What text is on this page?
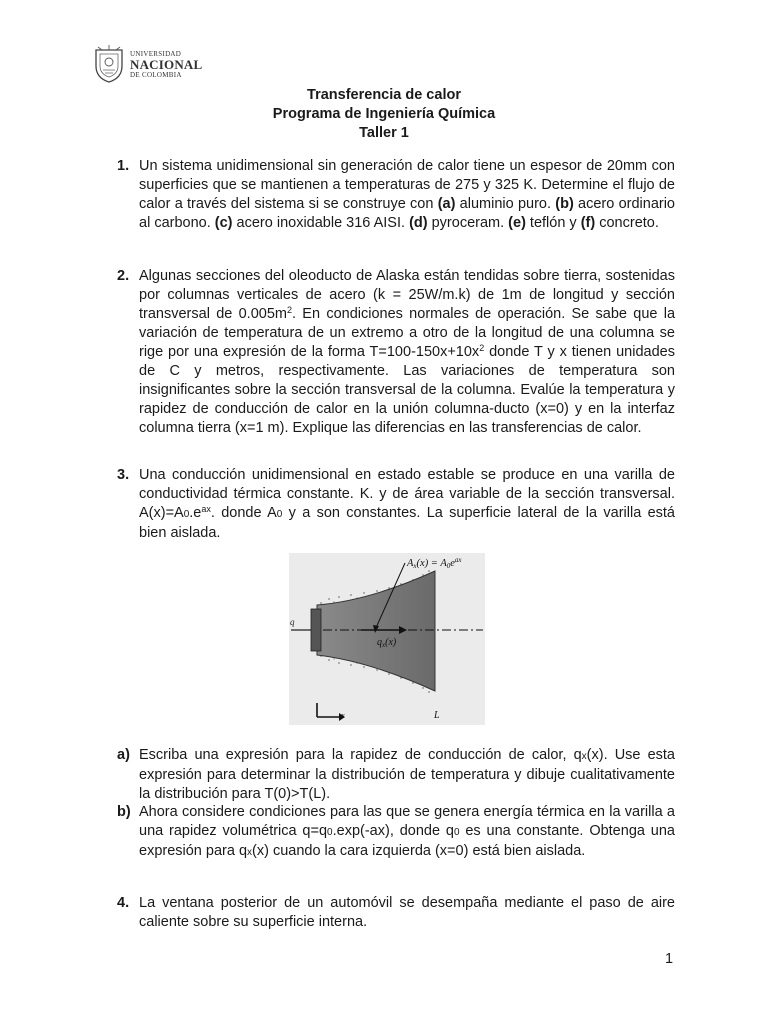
UNIVERSIDAD
NACIONAL
DE COLOMBIA
Transferencia de calor
Programa de Ingeniería Química
Taller 1
1. Un sistema unidimensional sin generación de calor tiene un espesor de 20mm con superficies que se mantienen a temperaturas de 275 y 325 K. Determine el flujo de calor a través del sistema si se construye con (a) aluminio puro. (b) acero ordinario al carbono. (c) acero inoxidable 316 AISI. (d) pyroceram. (e) teflón y (f) concreto.
2. Algunas secciones del oleoducto de Alaska están tendidas sobre tierra, sostenidas por columnas verticales de acero (k = 25W/m.k) de 1m de longitud y sección transversal de $0.005m^2$. En condiciones normales de operación. Se sabe que la variación de temperatura de un extremo a otro de la longitud de una columna se rige por una expresión de la forma $T=100-150x+10x^2$ donde T y x tienen unidades de C y metros, respectivamente. Las variaciones de temperatura son insignificantes sobre la sección transversal de la columna. Evalúe la temperatura y rapidez de conducción de calor en la unión columna-ducto (x=0) y en la interfaz columna tierra (x=1 m). Explique las diferencias en las transferencias de calor.
3. Una conducción unidimensional en estado estable se produce en una varilla de conductividad térmica constante. K. y de área variable de la sección transversal. $A(x)=A0.e^{ax}$. donde A0 y a son constantes. La superficie lateral de la varilla está bien aislada.
q
$q_x(x)$
$Ax(x) = A0e^{ax}$
x	L
a) Escriba una expresión para la rapidez de conducción de calor, qx(x). Use esta expresión para determinar la distribución de temperatura y dibuje cualitativamente la distribución para T(0)>T(L).
b) Ahora considere condiciones para las que se genera energía térmica en la varilla a una rapidez volumétrica q=q0.exp(-ax), donde q0 es una constante. Obtenga una expresión para qx(x) cuando la cara izquierda (x=0) está bien aislada.
4. La ventana posterior de un automóvil se desempaña mediante el paso de aire caliente sobre su superficie interna.
1
